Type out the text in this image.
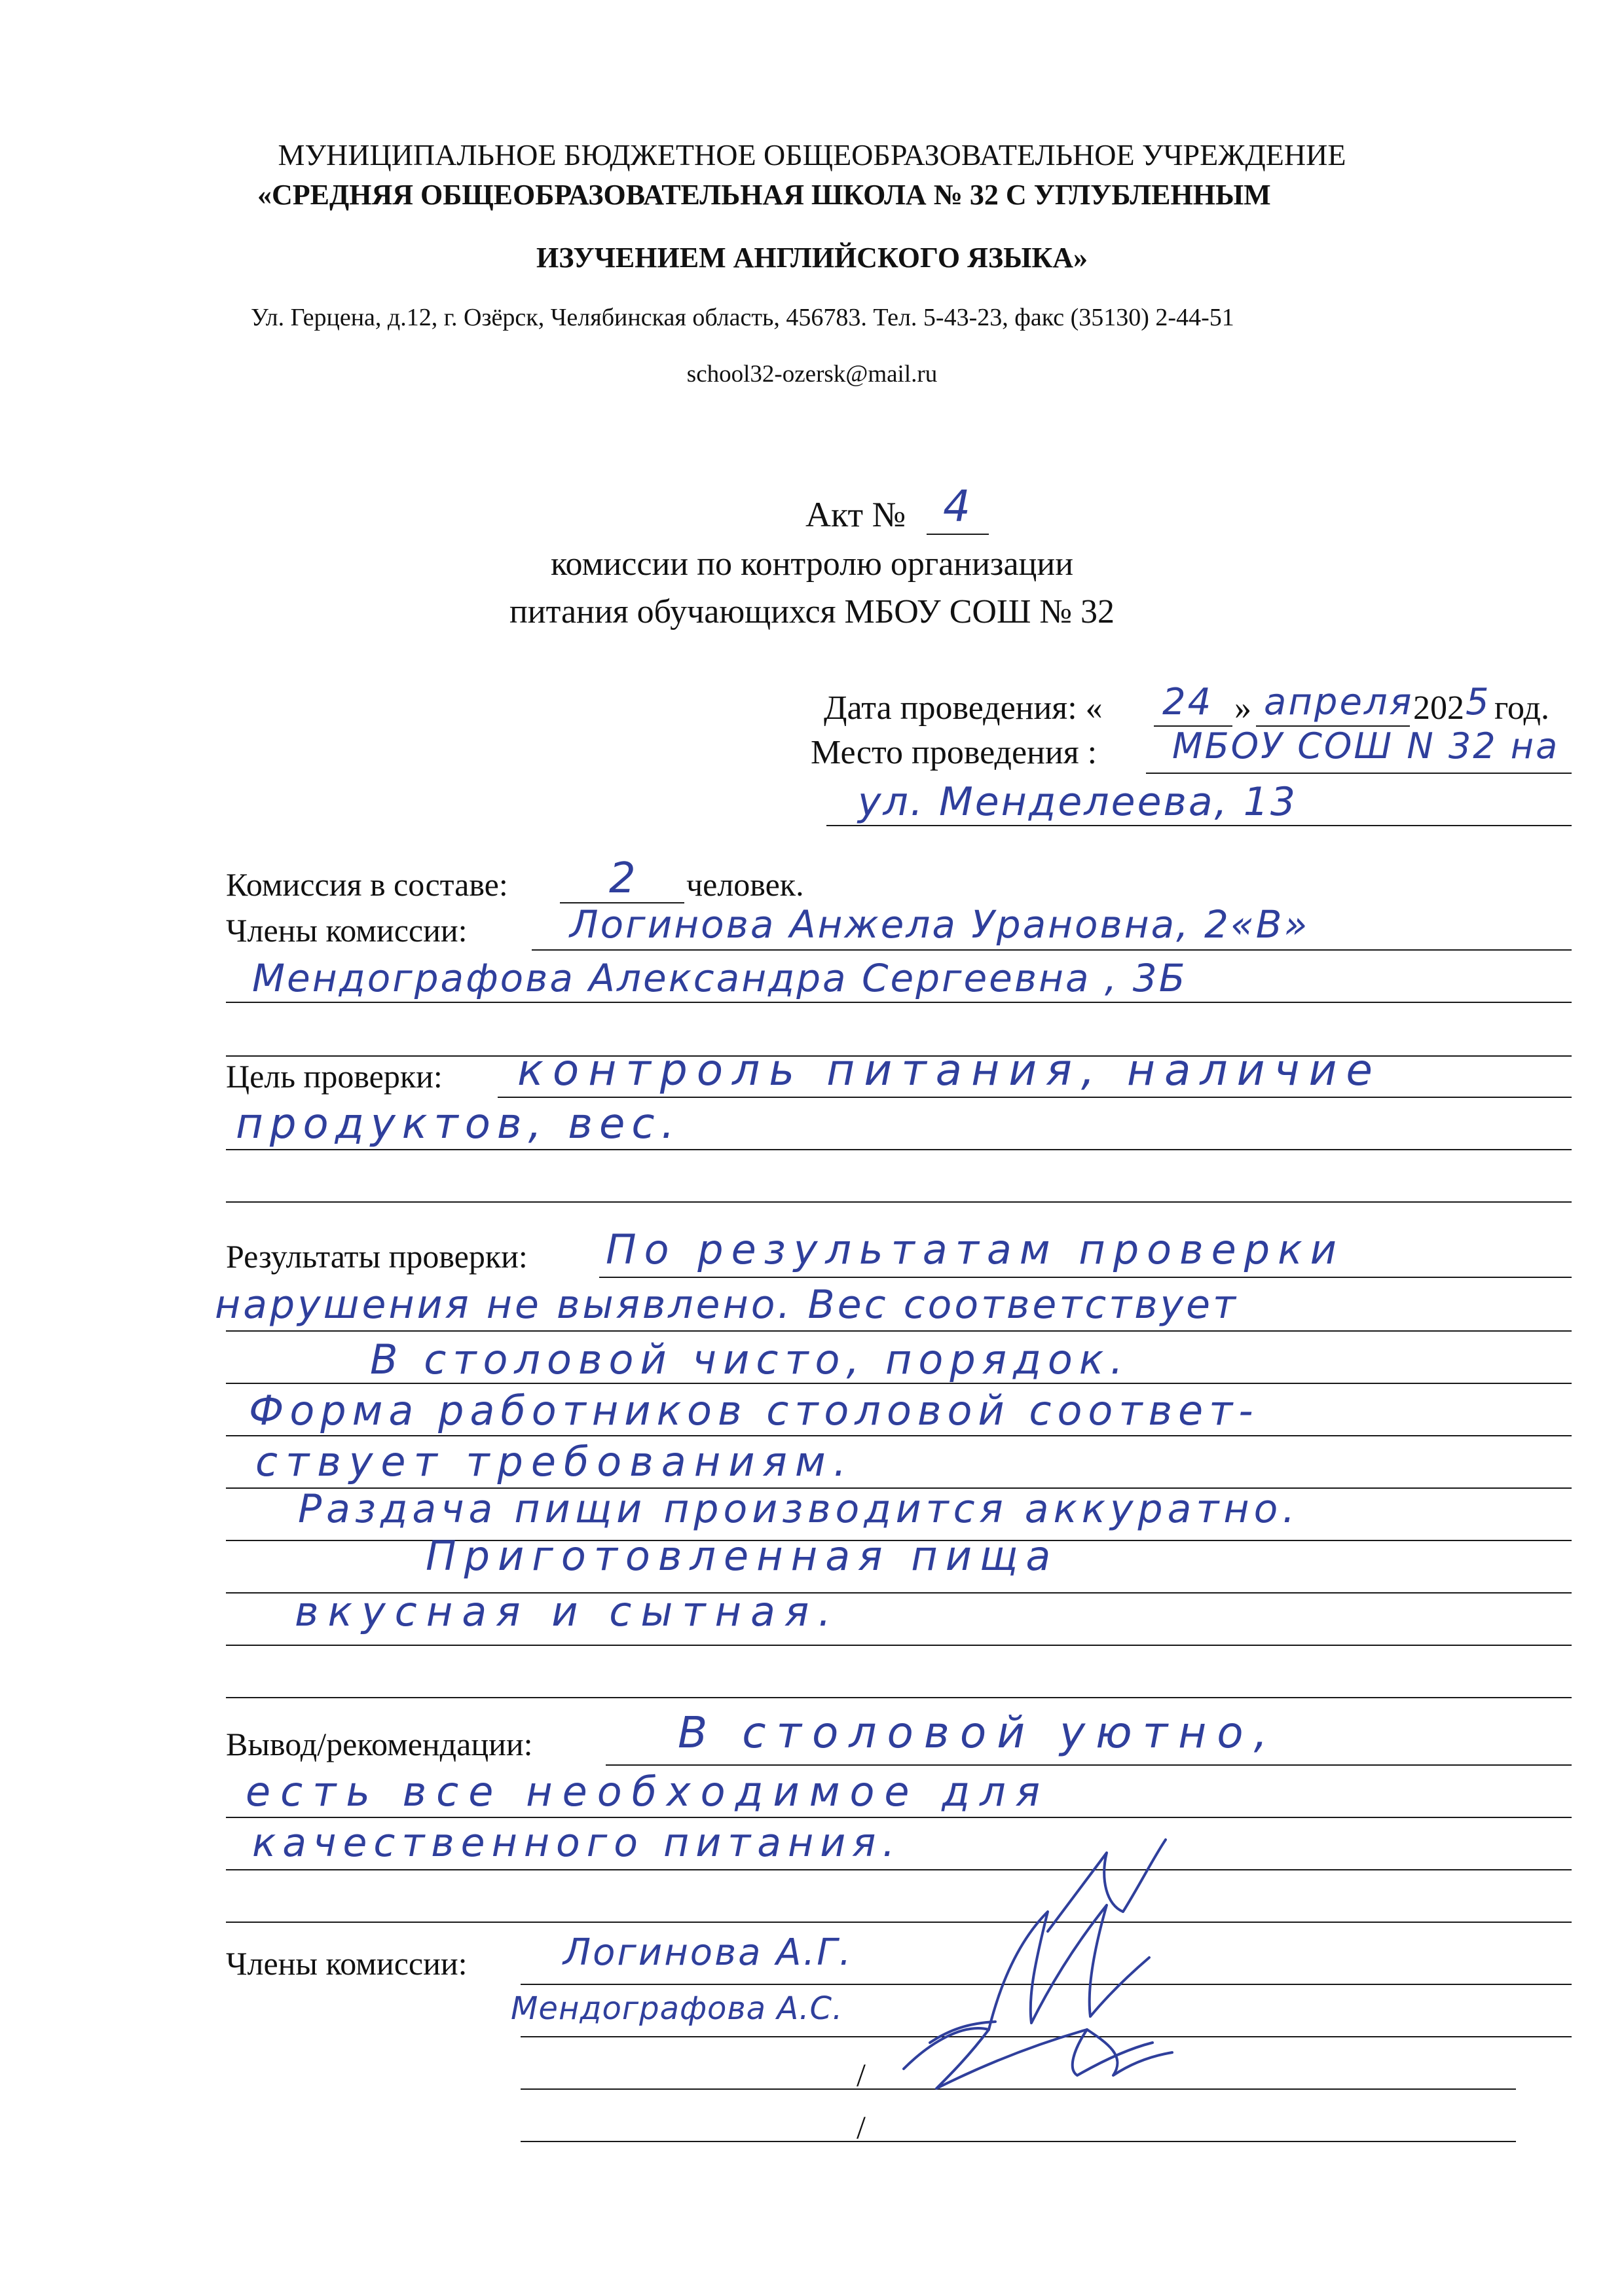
МУНИЦИПАЛЬНОЕ БЮДЖЕТНОЕ ОБЩЕОБРАЗОВАТЕЛЬНОЕ УЧРЕЖДЕНИЕ
«СРЕДНЯЯ ОБЩЕОБРАЗОВАТЕЛЬНАЯ ШКОЛА № 32 С УГЛУБЛЕННЫМ
ИЗУЧЕНИЕМ АНГЛИЙСКОГО ЯЗЫКА»
Ул. Герцена, д.12, г. Озёрск, Челябинская область, 456783. Тел. 5-43-23, факс (35130) 2-44-51
school32-ozersk@mail.ru
Акт № 4
комиссии по контролю организации
питания обучающихся МБОУ СОШ № 32
Дата проведения: « 24 » апреля 202 5 год.
Место проведения : МБОУ СОШ N 32 на
ул. Менделеева, 13
Комиссия в составе: 2 человек.
Члены комиссии:	Логинова Анжела Урановна, 2«В»
Мендографова Александра Сергеевна , 3Б
Цель проверки: контроль питания, наличие
продуктов, вес.
Результаты проверки: По результатам проверки
нарушения не выявлено. Вес соответствует
В столовой чисто, порядок.
Форма работников столовой соответ-
ствует требованиям.
Раздача пищи производится аккуратно.
Приготовленная пища
вкусная и сытная.
Вывод/рекомендации:	В столовой уютно,
есть все необходимое для
качественного питания.
Члены комиссии:	Логинова А.Г.
Мендографова А.С.
/
/
